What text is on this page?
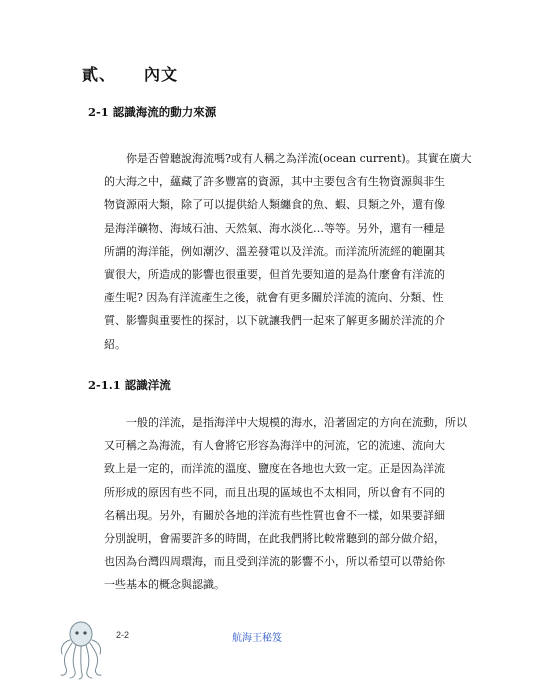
貳、 內文
2-1 認識海流的動力來源
你是否曾聽說海流嗎?或有人稱之為洋流(ocean current)。其實在廣大
的大海之中，蘊藏了許多豐富的資源，其中主要包含有生物資源與非生
物資源兩大類，除了可以提供給人類纏食的魚、蝦、貝類之外，還有像
是海洋礦物、海域石油、天然氣、海水淡化…等等。另外，還有一種是
所謂的海洋能，例如潮汐、溫差發電以及洋流。而洋流所流經的範圍其
實很大，所造成的影響也很重要，但首先要知道的是為什麼會有洋流的
產生呢? 因為有洋流產生之後，就會有更多關於洋流的流向、分類、性
質、影響與重要性的探討，以下就讓我們一起來了解更多關於洋流的介
紹。
2-1.1 認識洋流
一般的洋流，是指海洋中大規模的海水，沿著固定的方向在流動，所以
又可稱之為海流，有人會將它形容為海洋中的河流，它的流速、流向大
致上是一定的，而洋流的溫度、鹽度在各地也大致一定。正是因為洋流
所形成的原因有些不同，而且出現的區域也不太相同，所以會有不同的
名稱出現。另外，有關於各地的洋流有些性質也會不一樣，如果要詳細
分別說明，會需要許多的時間，在此我們將比較常聽到的部分做介紹，
也因為台灣四周環海，而且受到洋流的影響不小，所以希望可以帶給你
一些基本的概念與認識。
2-2	航海王秘笈
